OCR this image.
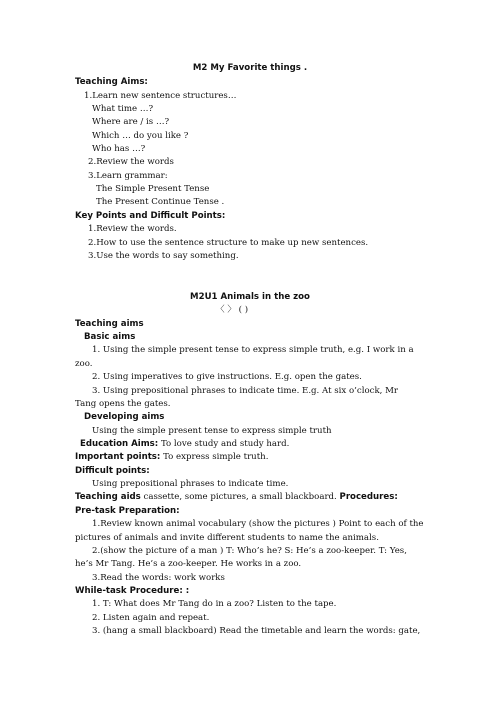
M2 My Favorite things .
Teaching Aims:
1.Learn new sentence structures…
What time …?
Where are / is …?
Which … do you like ?
Who has …?
2.Review the words
3.Learn grammar:
The Simple Present Tense
The Present Continue Tense .
Key Points and Difficult Points:
1.Review the words.
2.How to use the sentence structure to make up new sentences.
3.Use the words to say something.
M2U1 Animals in the zoo
〈 〉 ( )
Teaching aims
Basic aims
1. Using the simple present tense to express simple truth, e.g. I work in a
zoo.
2. Using imperatives to give instructions. E.g. open the gates.
3. Using prepositional phrases to indicate time. E.g. At six o’clock, Mr
Tang opens the gates.
Developing aims
Using the simple present tense to express simple truth
Education Aims: To love study and study hard.
Important points: To express simple truth.
Difficult points:
Using prepositional phrases to indicate time.
Teaching aids cassette, some pictures, a small blackboard. Procedures:
Pre-task Preparation:
1.Review known animal vocabulary (show the pictures ) Point to each of the
pictures of animals and invite different students to name the animals.
2.(show the picture of a man ) T: Who’s he? S: He’s a zoo-keeper. T: Yes,
he’s Mr Tang. He’s a zoo-keeper. He works in a zoo.
3.Read the words: work works
While-task Procedure: :
1. T: What does Mr Tang do in a zoo? Listen to the tape.
2. Listen again and repeat.
3. (hang a small blackboard) Read the timetable and learn the words: gate,
